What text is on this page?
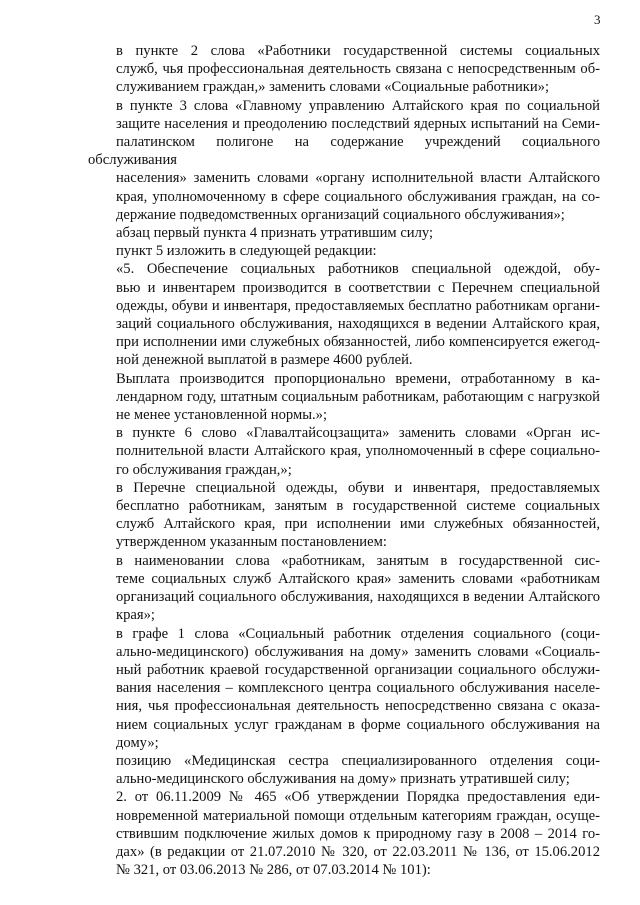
3

в пункте 2 слова «Работники государственной системы социальных
служб, чья профессиональная деятельность связана с непосредственным об-
служиванием граждан,» заменить словами «Социальные работники»;

в пункте 3 слова «Главному управлению Алтайского края по социальной
защите населения и преодолению последствий ядерных испытаний на Семи-
палатинском полигоне на содержание учреждений социального обслуживания
населения» заменить словами «органу исполнительной власти Алтайского
края, уполномоченному в сфере социального обслуживания граждан, на со-
держание подведомственных организаций социального обслуживания»;

абзац первый пункта 4 признать утратившим силу;

пункт 5 изложить в следующей редакции:

«5. Обеспечение социальных работников специальной одеждой, обу-
вью и инвентарем производится в соответствии с Перечнем специальной
одежды, обуви и инвентаря, предоставляемых бесплатно работникам органи-
заций социального обслуживания, находящихся в ведении Алтайского края,
при исполнении ими служебных обязанностей, либо компенсируется ежегод-
ной денежной выплатой в размере 4600 рублей.

Выплата производится пропорционально времени, отработанному в ка-
лендарном году, штатным социальным работникам, работающим с нагрузкой
не менее установленной нормы.»;

в пункте 6 слово «Главалтайсоцзащита» заменить словами «Орган ис-
полнительной власти Алтайского края, уполномоченный в сфере социально-
го обслуживания граждан,»;

в Перечне специальной одежды, обуви и инвентаря, предоставляемых
бесплатно работникам, занятым в государственной системе социальных
служб Алтайского края, при исполнении ими служебных обязанностей,
утвержденном указанным постановлением:

в наименовании слова «работникам, занятым в государственной сис-
теме социальных служб Алтайского края» заменить словами «работникам
организаций социального обслуживания, находящихся в ведении Алтайского
края»;

в графе 1 слова «Социальный работник отделения социального (соци-
ально-медицинского) обслуживания на дому» заменить словами «Социаль-
ный работник краевой государственной организации социального обслужи-
вания населения – комплексного центра социального обслуживания населе-
ния, чья профессиональная деятельность непосредственно связана с оказа-
нием социальных услуг гражданам в форме социального обслуживания на
дому»;

позицию «Медицинская сестра специализированного отделения соци-
ально-медицинского обслуживания на дому» признать утратившей силу;

2. от 06.11.2009 № 465 «Об утверждении Порядка предоставления еди-
новременной материальной помощи отдельным категориям граждан, осуще-
ствившим подключение жилых домов к природному газу в 2008 – 2014 го-
дах» (в редакции от 21.07.2010 № 320, от 22.03.2011 № 136, от 15.06.2012
№ 321, от 03.06.2013 № 286, от 07.03.2014 № 101):
